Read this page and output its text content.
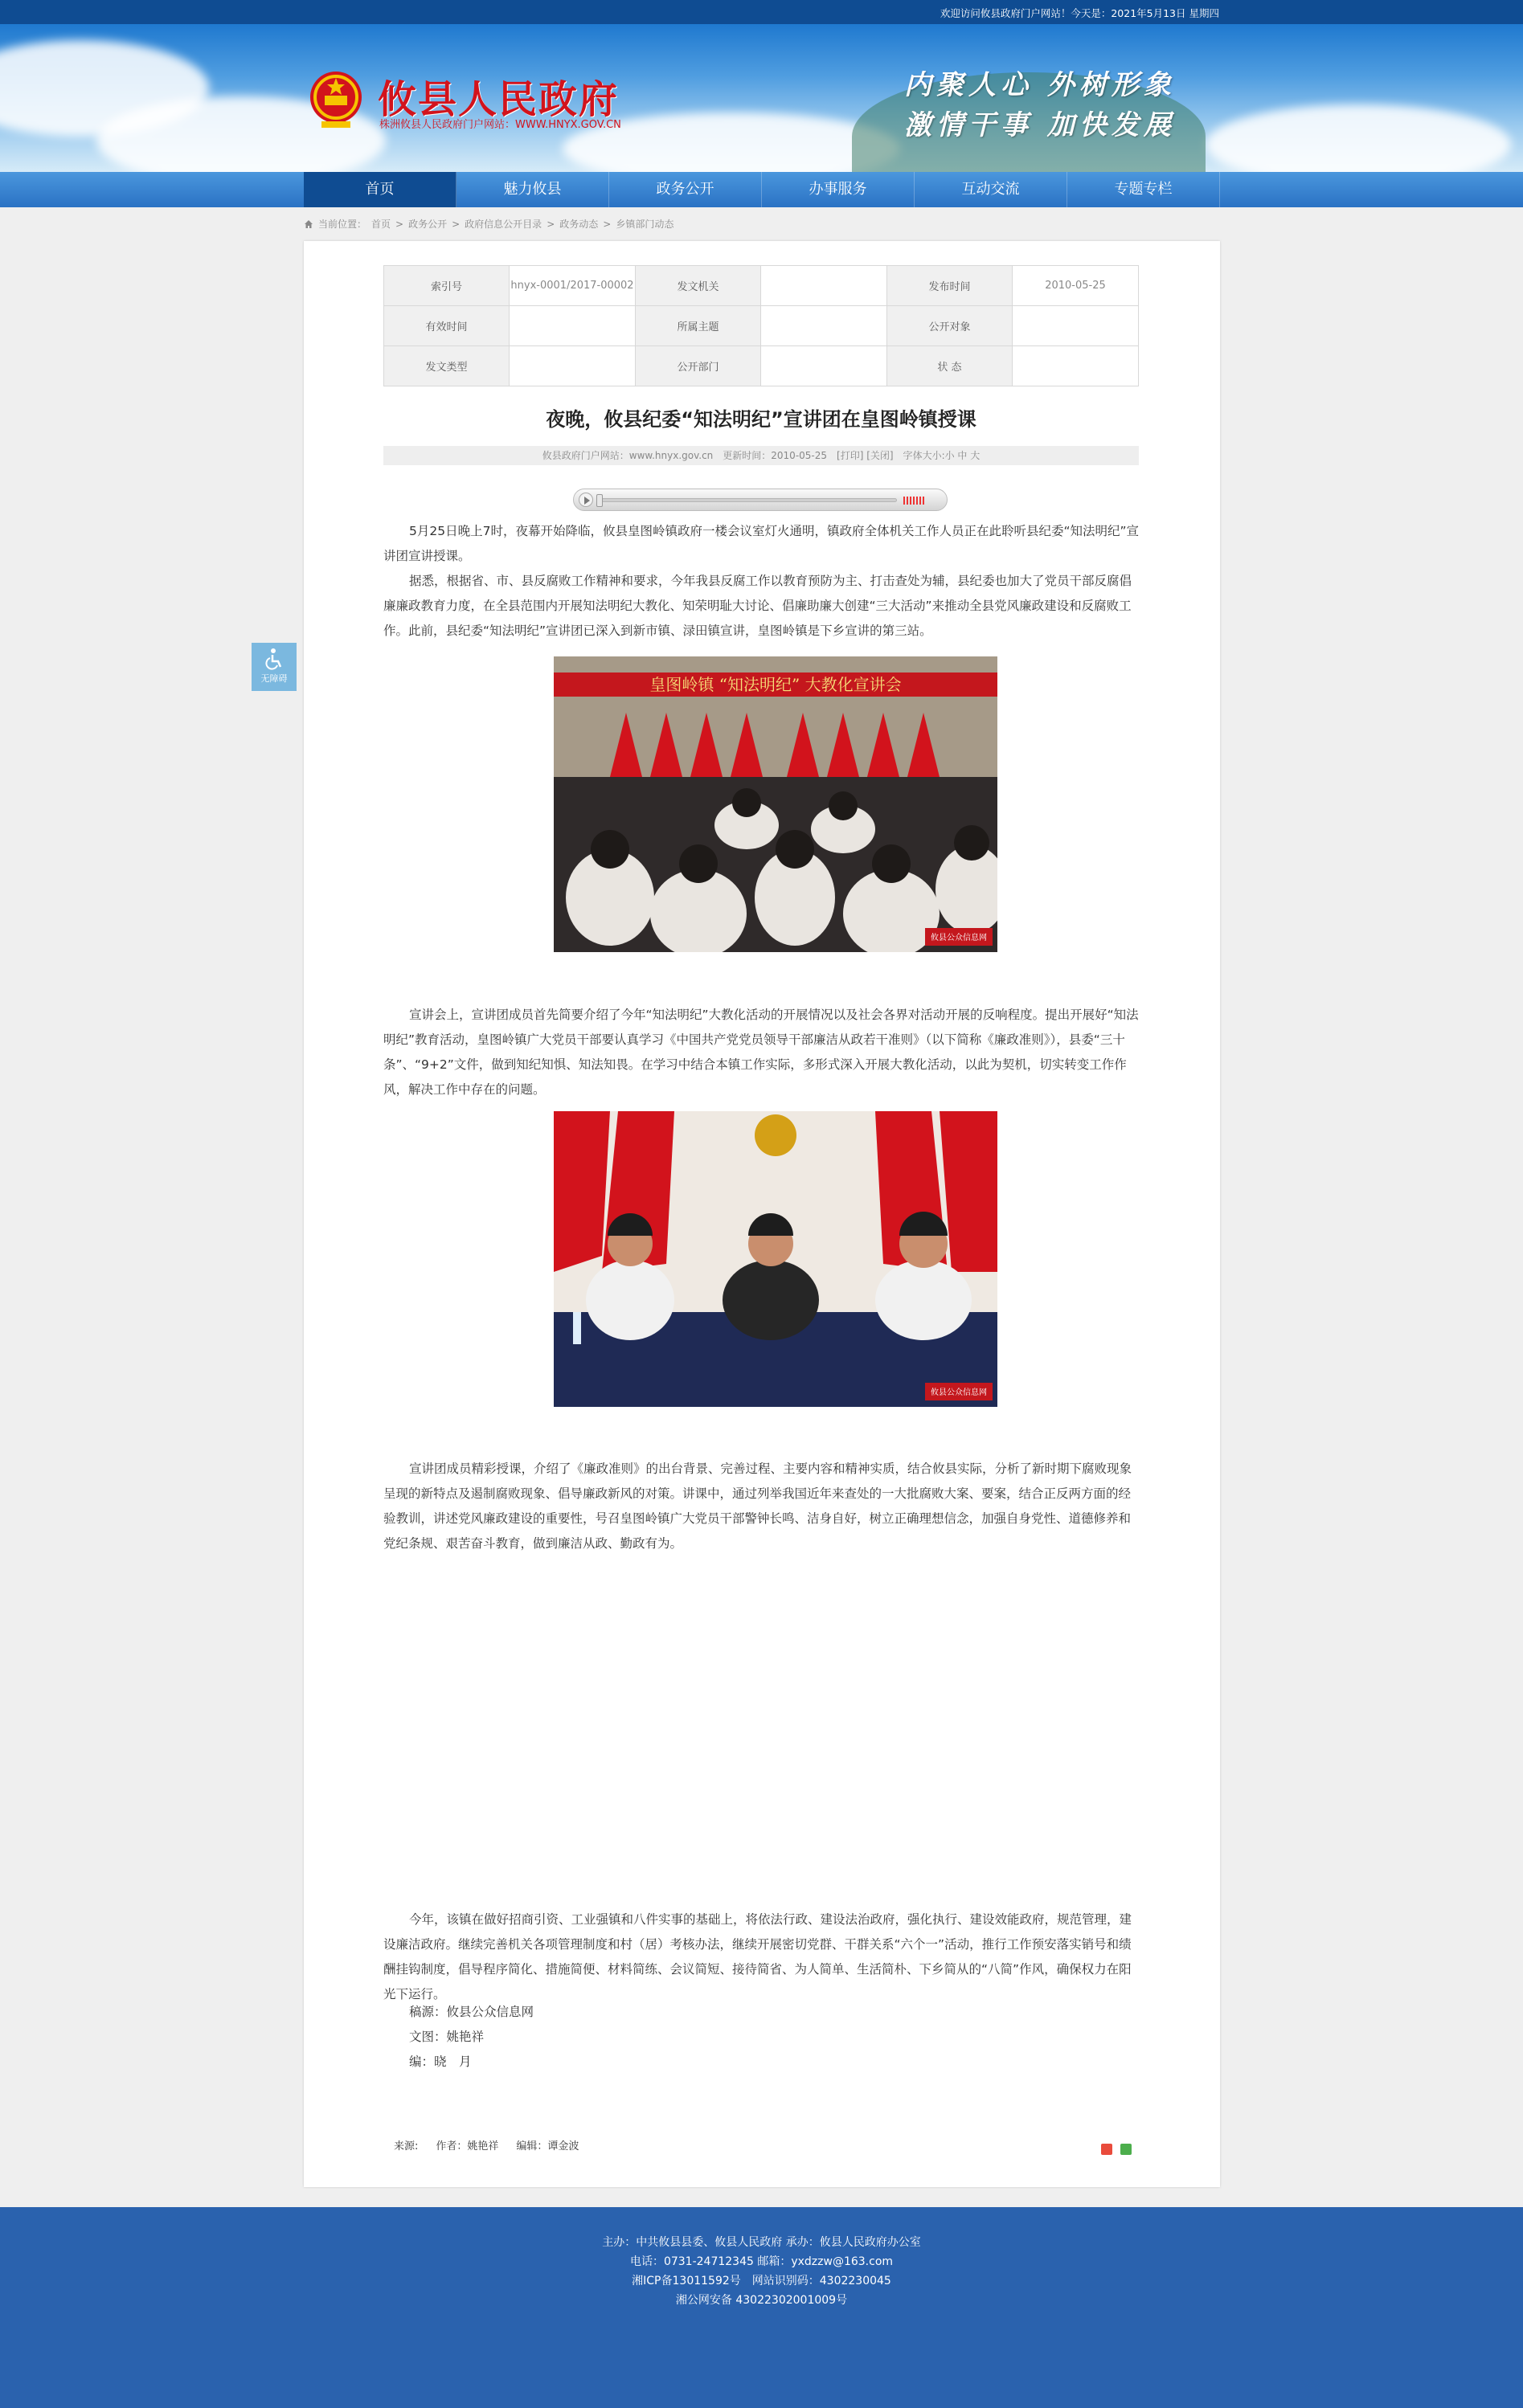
欢迎访问攸县政府门户网站！今天是：2021年5月13日 星期四
攸县人民政府
株洲攸县人民政府门户网站：WWW.HNYX.GOV.CN
内聚人心 外树形象
激情干事 加快发展
首页	魅力攸县	政务公开	办事服务	互动交流	专题专栏
当前位置： 首页 > 政务公开 > 政府信息公开目录 > 政务动态 > 乡镇部门动态
无障碍
索引号	hnyx-0001/2017-00002	发文机关		发布时间	2010-05-25
有效时间		所属主题		公开对象	
发文类型		公开部门		状 态	
夜晚，攸县纪委“知法明纪”宣讲团在皇图岭镇授课
攸县政府门户网站：www.hnyx.gov.cn　更新时间：2010-05-25　[打印] [关闭]　字体大小:小 中 大

5月25日晚上7时，夜幕开始降临，攸县皇图岭镇政府一楼会议室灯火通明，镇政府全体机关工作人员正在此聆听县纪委“知法明纪”宣讲团宣讲授课。

据悉，根据省、市、县反腐败工作精神和要求，今年我县反腐工作以教育预防为主、打击查处为辅，县纪委也加大了党员干部反腐倡廉廉政教育力度，在全县范围内开展知法明纪大教化、知荣明耻大讨论、倡廉助廉大创建“三大活动”来推动全县党风廉政建设和反腐败工作。此前，县纪委“知法明纪”宣讲团已深入到新市镇、渌田镇宣讲，皇图岭镇是下乡宣讲的第三站。

皇图岭镇 “知法明纪” 大教化宣讲会
攸县公众信息网

宣讲会上，宣讲团成员首先简要介绍了今年“知法明纪”大教化活动的开展情况以及社会各界对活动开展的反响程度。提出开展好“知法明纪”教育活动，皇图岭镇广大党员干部要认真学习《中国共产党党员领导干部廉洁从政若干准则》（以下简称《廉政准则》），县委“三十条”、“9+2”文件，做到知纪知惧、知法知畏。在学习中结合本镇工作实际，多形式深入开展大教化活动，以此为契机，切实转变工作作风，解决工作中存在的问题。

攸县公众信息网

宣讲团成员精彩授课，介绍了《廉政准则》的出台背景、完善过程、主要内容和精神实质，结合攸县实际，分析了新时期下腐败现象呈现的新特点及遏制腐败现象、倡导廉政新风的对策。讲课中，通过列举我国近年来查处的一大批腐败大案、要案，结合正反两方面的经验教训，讲述党风廉政建设的重要性，号召皇图岭镇广大党员干部警钟长鸣、洁身自好，树立正确理想信念，加强自身党性、道德修养和党纪条规、艰苦奋斗教育，做到廉洁从政、勤政有为。

今年，该镇在做好招商引资、工业强镇和八件实事的基础上，将依法行政、建设法治政府，强化执行、建设效能政府，规范管理，建设廉洁政府。继续完善机关各项管理制度和村（居）考核办法，继续开展密切党群、干群关系“六个一”活动，推行工作预安落实销号和绩酬挂钩制度，倡导程序简化、措施简便、材料简练、会议简短、接待简省、为人简单、生活简朴、下乡简从的“八简”作风，确保权力在阳光下运行。

稿源：攸县公众信息网
文图：姚艳祥
编：晓　月
来源: 作者：姚艳祥 编辑：谭金波
主办：中共攸县县委、攸县人民政府 承办：攸县人民政府办公室
电话：0731-24712345 邮箱：yxdzzw@163.com
湘ICP备13011592号　网站识别码：4302230045
湘公网安备 43022302001009号
